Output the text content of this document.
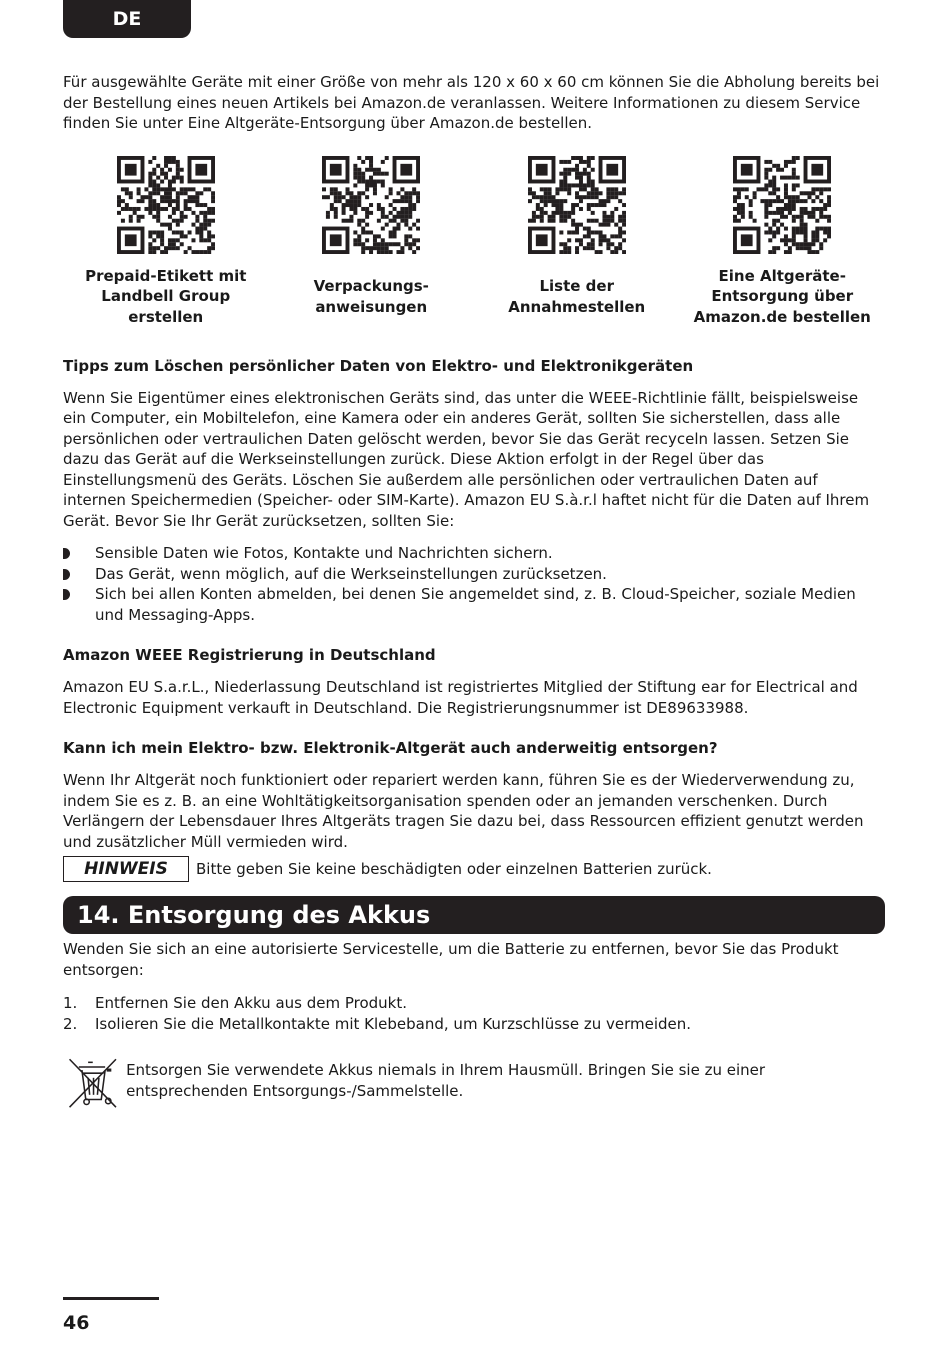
DE

Für ausgewählte Geräte mit einer Größe von mehr als 120 x 60 x 60 cm können Sie die Abholung bereits bei der Bestellung eines neuen Artikels bei Amazon.de veranlassen. Weitere Informationen zu diesem Service finden Sie unter Eine Altgeräte-Entsorgung über Amazon.de bestellen.

Prepaid-Etikett mit Landbell Group erstellen
Verpackungs-anweisungen
Liste der Annahmestellen
Eine Altgeräte-Entsorgung über Amazon.de bestellen
Tipps zum Löschen persönlicher Daten von Elektro- und Elektronikgeräten

Wenn Sie Eigentümer eines elektronischen Geräts sind, das unter die WEEE-Richtlinie fällt, beispielsweise ein Computer, ein Mobiltelefon, eine Kamera oder ein anderes Gerät, sollten Sie sicherstellen, dass alle persönlichen oder vertraulichen Daten gelöscht werden, bevor Sie das Gerät recyceln lassen. Setzen Sie dazu das Gerät auf die Werkseinstellungen zurück. Diese Aktion erfolgt in der Regel über das Einstellungsmenü des Geräts. Löschen Sie außerdem alle persönlichen oder vertraulichen Daten auf internen Speichermedien (Speicher- oder SIM-Karte). Amazon EU S.à.r.l haftet nicht für die Daten auf Ihrem Gerät. Bevor Sie Ihr Gerät zurücksetzen, sollten Sie:

Sensible Daten wie Fotos, Kontakte und Nachrichten sichern.
Das Gerät, wenn möglich, auf die Werkseinstellungen zurücksetzen.
Sich bei allen Konten abmelden, bei denen Sie angemeldet sind, z. B. Cloud-Speicher, soziale Medien und Messaging-Apps.
Amazon WEEE Registrierung in Deutschland

Amazon EU S.a.r.L., Niederlassung Deutschland ist registriertes Mitglied der Stiftung ear for Electrical and Electronic Equipment verkauft in Deutschland. Die Registrierungsnummer ist DE89633988.

Kann ich mein Elektro- bzw. Elektronik-Altgerät auch anderweitig entsorgen?

Wenn Ihr Altgerät noch funktioniert oder repariert werden kann, führen Sie es der Wiederverwendung zu, indem Sie es z. B. an eine Wohltätigkeitsorganisation spenden oder an jemanden verschenken. Durch Verlängern der Lebensdauer Ihres Altgeräts tragen Sie dazu bei, dass Ressourcen effizient genutzt werden und zusätzlicher Müll vermieden wird.

HINWEIS	Bitte geben Sie keine beschädigten oder einzelnen Batterien zurück.
14. Entsorgung des Akkus

Wenden Sie sich an eine autorisierte Servicestelle, um die Batterie zu entfernen, bevor Sie das Produkt entsorgen:

1. Entfernen Sie den Akku aus dem Produkt.
2. Isolieren Sie die Metallkontakte mit Klebeband, um Kurzschlüsse zu vermeiden.

Entsorgen Sie verwendete Akkus niemals in Ihrem Hausmüll. Bringen Sie sie zu einer entsprechenden Entsorgungs-/Sammelstelle.

46
